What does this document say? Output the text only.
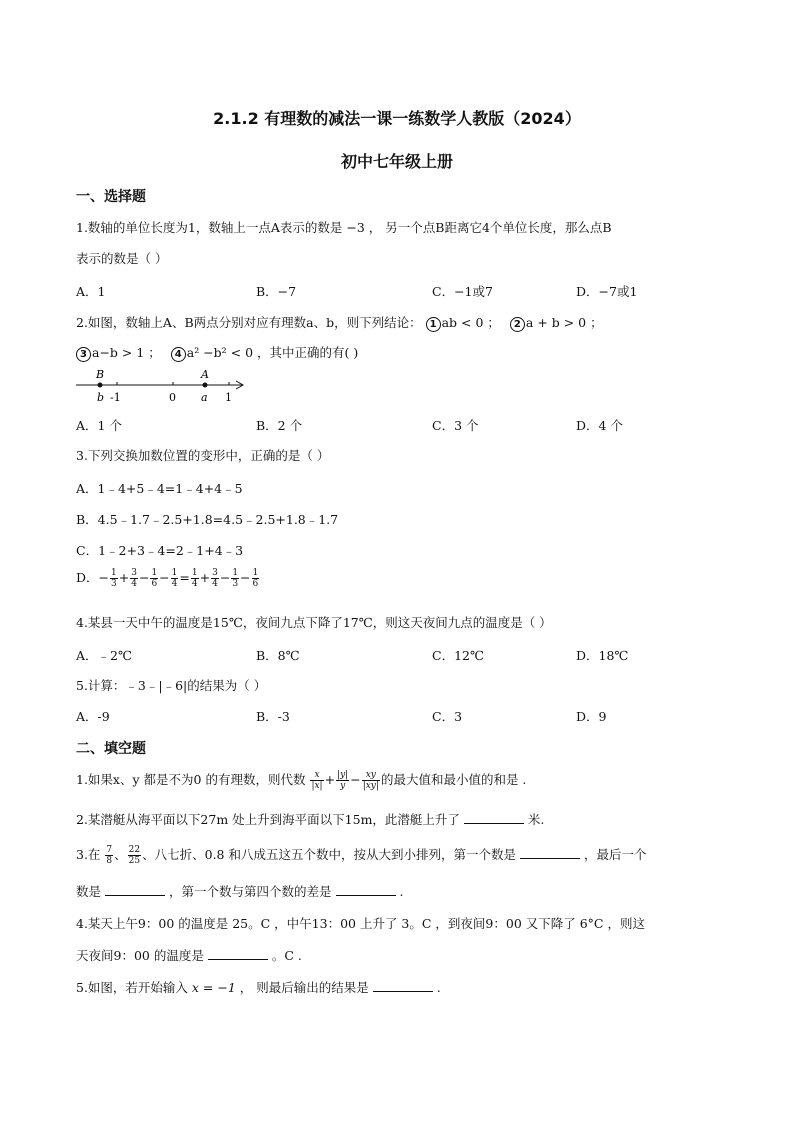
2.1.2 有理数的减法一课一练数学人教版（2024）
初中七年级上册
一、选择题
1.数轴的单位长度为1，数轴上一点A表示的数是 −3 ， 另一个点B距离它4个单位长度，那么点B
表示的数是（ ）
A．1	B．−7	C．−1或7	D．−7或1
2.如图，数轴上A、B两点分别对应有理数a、b，则下列结论： 1 ab < 0 ； 2 a + b > 0 ；
3 a−b > 1 ； 4 a² −b² < 0 ，其中正确的有( )
B	A
b -1	0 a 1
A．1 个	B．2 个	C．3 个	D．4 个
3.下列交换加数位置的变形中，正确的是（ ）
A．1﹣4+5﹣4=1﹣4+4﹣5
B．4.5﹣1.7﹣2.5+1.8=4.5﹣2.5+1.8﹣1.7
C．1﹣2+3﹣4=2﹣1+4﹣3
D．− $\frac{1}{3} + \frac{3}{4} - \frac{1}{6} - \frac{1}{4} = \frac{1}{4} + \frac{3}{4} - \frac{1}{3} - \frac{1}{6}$
4.某县一天中午的温度是15℃，夜间九点下降了17℃，则这天夜间九点的温度是（ ）
A．﹣2℃	B．8℃	C．12℃	D．18℃
5.计算：﹣3﹣|﹣6|的结果为（ ）
A．-9	B．-3	C．3	D．9
二、填空题
1.如果x、y 都是不为0 的有理数，则代数 $\frac{x}{|x|} + \frac{|y|}{y} - \frac{xy}{|xy|}$ 的最大值和最小值的和是 .
2.某潜艇从海平面以下27m 处上升到海平面以下15m，此潜艇上升了	米.
3.在 $\frac{7}{8}$ 、 $\frac{22}{25}$ 、八七折、0.8 和八成五这五个数中，按从大到小排列，第一个数是	，最后一个
数是	，第一个数与第四个数的差是	.
4.某天上午9：00 的温度是 25。C ，中午13：00 上升了 3。C ，到夜间9：00 又下降了 6°C ，则这
天夜间9：00 的温度是	。C .
5.如图，若开始输入 x = −1 ， 则最后输出的结果是	.
